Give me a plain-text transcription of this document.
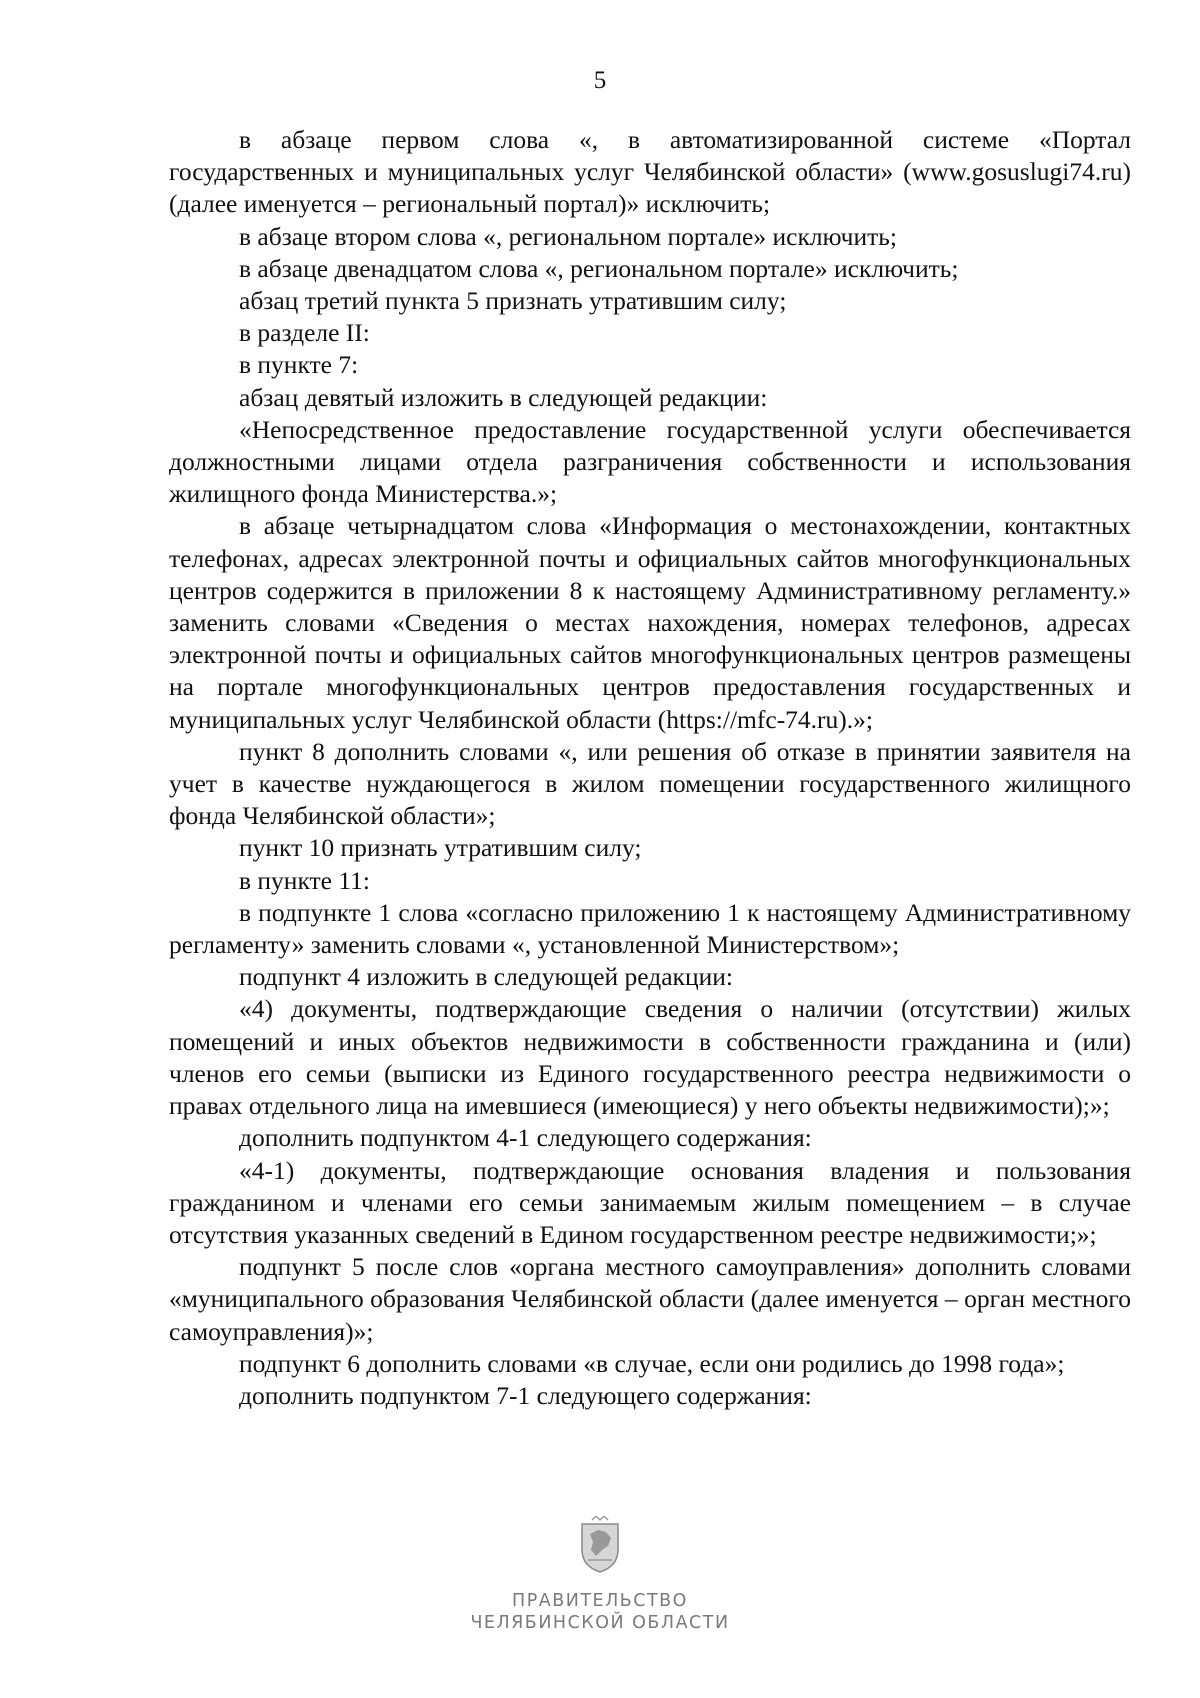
5

в абзаце первом слова «, в автоматизированной системе «Портал государственных и муниципальных услуг Челябинской области» (www.gosuslugi74.ru) (далее именуется – региональный портал)» исключить;

в абзаце втором слова «, региональном портале» исключить;

в абзаце двенадцатом слова «, региональном портале» исключить;

абзац третий пункта 5 признать утратившим силу;

в разделе II:

в пункте 7:

абзац девятый изложить в следующей редакции:

«Непосредственное предоставление государственной услуги обеспечивается должностными лицами отдела разграничения собственности и использования жилищного фонда Министерства.»;

в абзаце четырнадцатом слова «Информация о местонахождении, контактных телефонах, адресах электронной почты и официальных сайтов многофункциональных центров содержится в приложении 8 к настоящему Административному регламенту.» заменить словами «Сведения о местах нахождения, номерах телефонов, адресах электронной почты и официальных сайтов многофункциональных центров размещены на портале многофункциональных центров предоставления государственных и муниципальных услуг Челябинской области (https://mfc-74.ru).»;

пункт 8 дополнить словами «, или решения об отказе в принятии заявителя на учет в качестве нуждающегося в жилом помещении государственного жилищного фонда Челябинской области»;

пункт 10 признать утратившим силу;

в пункте 11:

в подпункте 1 слова «согласно приложению 1 к настоящему Административному регламенту» заменить словами «, установленной Министерством»;

подпункт 4 изложить в следующей редакции:

«4) документы, подтверждающие сведения о наличии (отсутствии) жилых помещений и иных объектов недвижимости в собственности гражданина и (или) членов его семьи (выписки из Единого государственного реестра недвижимости о правах отдельного лица на имевшиеся (имеющиеся) у него объекты недвижимости);»;

дополнить подпунктом 4-1 следующего содержания:

«4-1) документы, подтверждающие основания владения и пользования гражданином и членами его семьи занимаемым жилым помещением – в случае отсутствия указанных сведений в Едином государственном реестре недвижимости;»;

подпункт 5 после слов «органа местного самоуправления» дополнить словами «муниципального образования Челябинской области (далее именуется – орган местного самоуправления)»;

подпункт 6 дополнить словами «в случае, если они родились до 1998 года»;

дополнить подпунктом 7-1 следующего содержания:

ПРАВИТЕЛЬСТВО
ЧЕЛЯБИНСКОЙ ОБЛАСТИ
